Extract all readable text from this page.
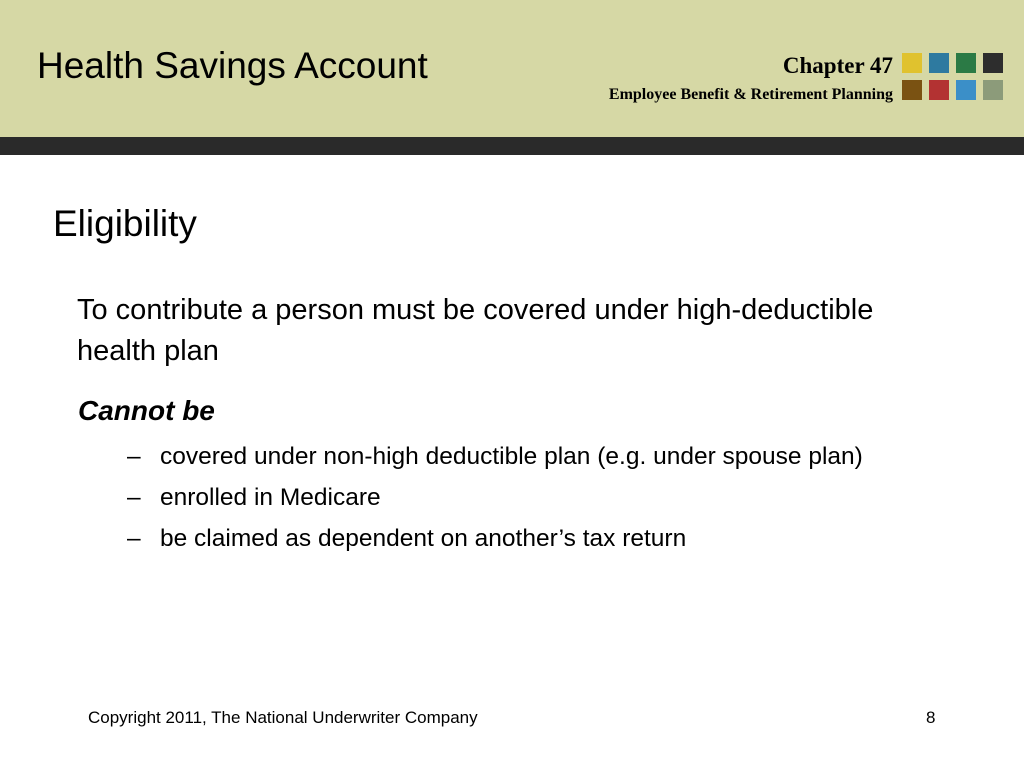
Health Savings Account	Chapter 47
Employee Benefit & Retirement Planning
Eligibility
To contribute a person must be covered under high-deductible health plan
Cannot be
– covered under non-high deductible plan (e.g. under spouse plan)
– enrolled in Medicare
– be claimed as dependent on another’s tax return
Copyright 2011, The National Underwriter Company	8
